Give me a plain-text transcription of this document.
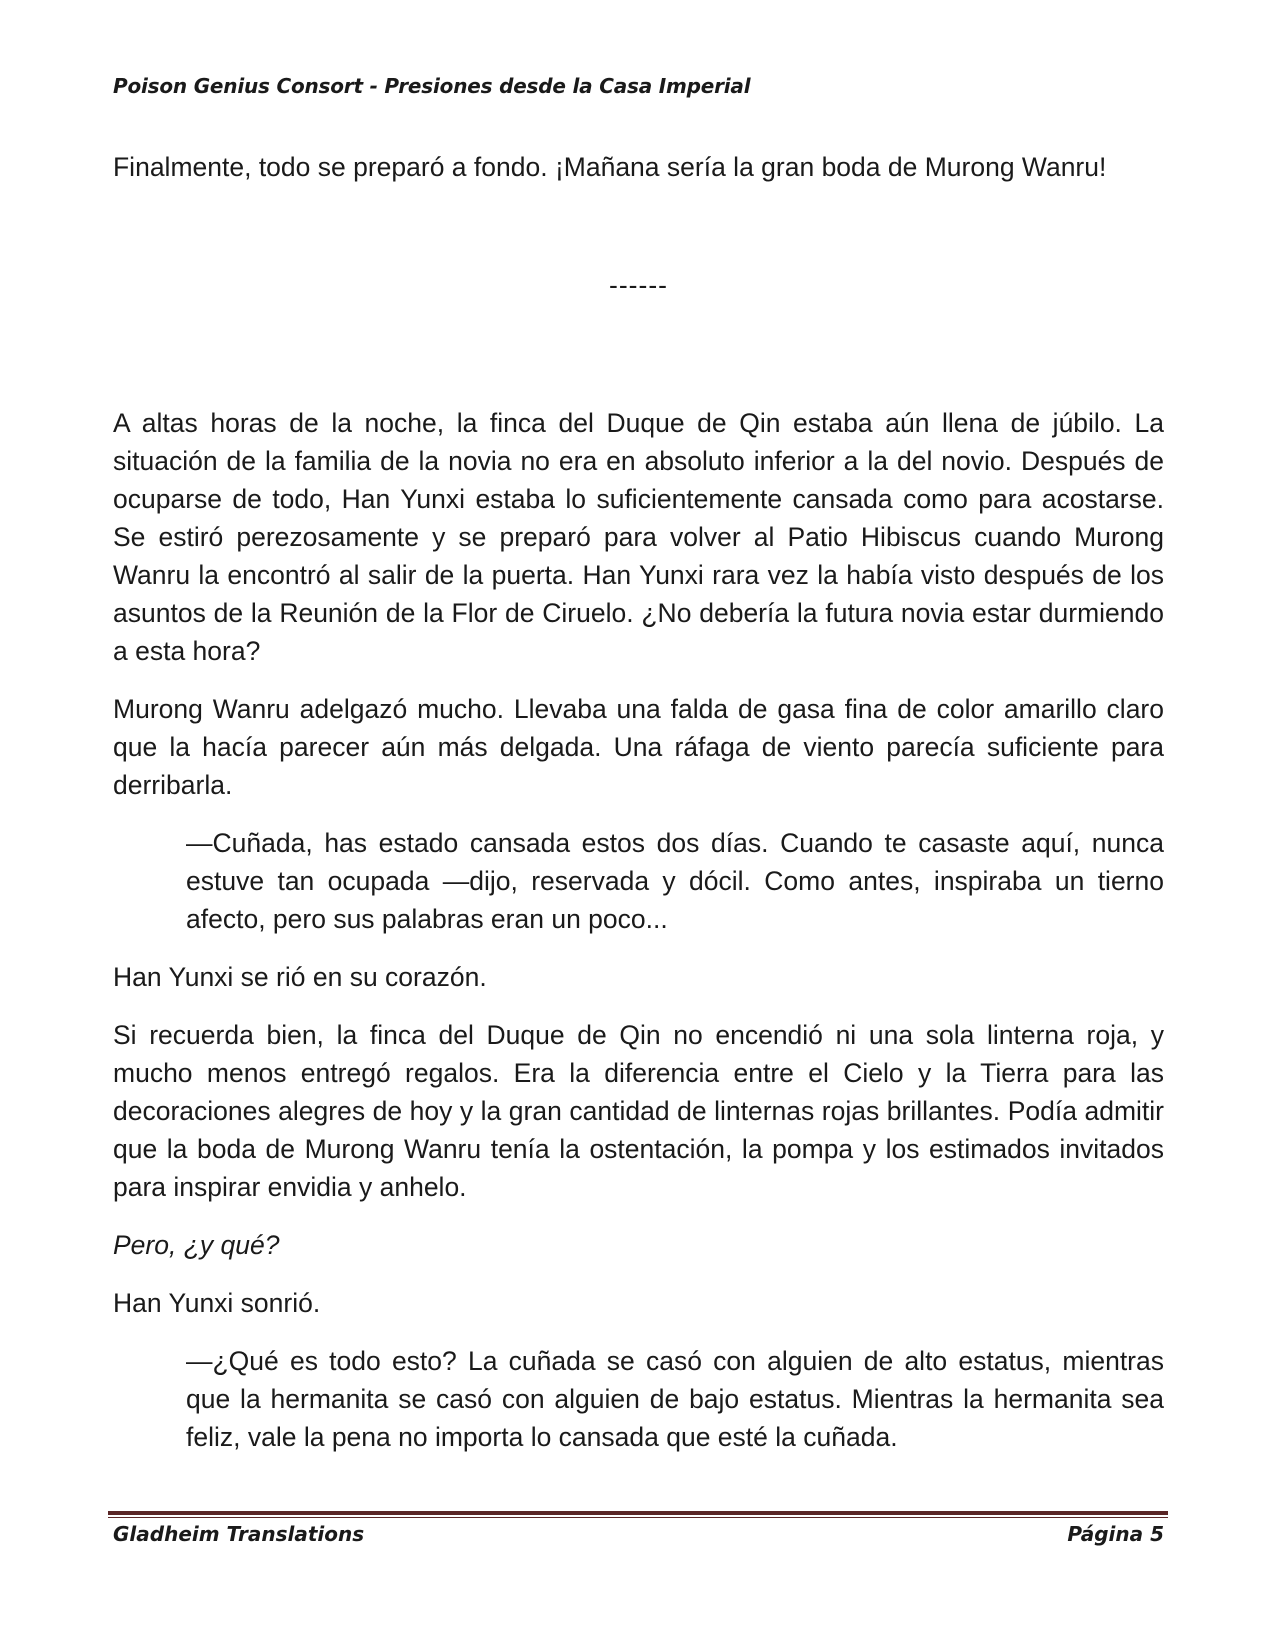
Poison Genius Consort - Presiones desde la Casa Imperial

Finalmente, todo se preparó a fondo. ¡Mañana sería la gran boda de Murong Wanru!

------

A altas horas de la noche, la finca del Duque de Qin estaba aún llena de júbilo. La situación de la familia de la novia no era en absoluto inferior a la del novio. Después de ocuparse de todo, Han Yunxi estaba lo suficientemente cansada como para acostarse. Se estiró perezosamente y se preparó para volver al Patio Hibiscus cuando Murong Wanru la encontró al salir de la puerta. Han Yunxi rara vez la había visto después de los asuntos de la Reunión de la Flor de Ciruelo. ¿No debería la futura novia estar durmiendo a esta hora?

Murong Wanru adelgazó mucho. Llevaba una falda de gasa fina de color amarillo claro que la hacía parecer aún más delgada. Una ráfaga de viento parecía suficiente para derribarla.

—Cuñada, has estado cansada estos dos días. Cuando te casaste aquí, nunca estuve tan ocupada —dijo, reservada y dócil. Como antes, inspiraba un tierno afecto, pero sus palabras eran un poco...

Han Yunxi se rió en su corazón.

Si recuerda bien, la finca del Duque de Qin no encendió ni una sola linterna roja, y mucho menos entregó regalos. Era la diferencia entre el Cielo y la Tierra para las decoraciones alegres de hoy y la gran cantidad de linternas rojas brillantes. Podía admitir que la boda de Murong Wanru tenía la ostentación, la pompa y los estimados invitados para inspirar envidia y anhelo.

Pero, ¿y qué?

Han Yunxi sonrió.

—¿Qué es todo esto? La cuñada se casó con alguien de alto estatus, mientras que la hermanita se casó con alguien de bajo estatus. Mientras la hermanita sea feliz, vale la pena no importa lo cansada que esté la cuñada.

Gladheim Translations	Página 5
